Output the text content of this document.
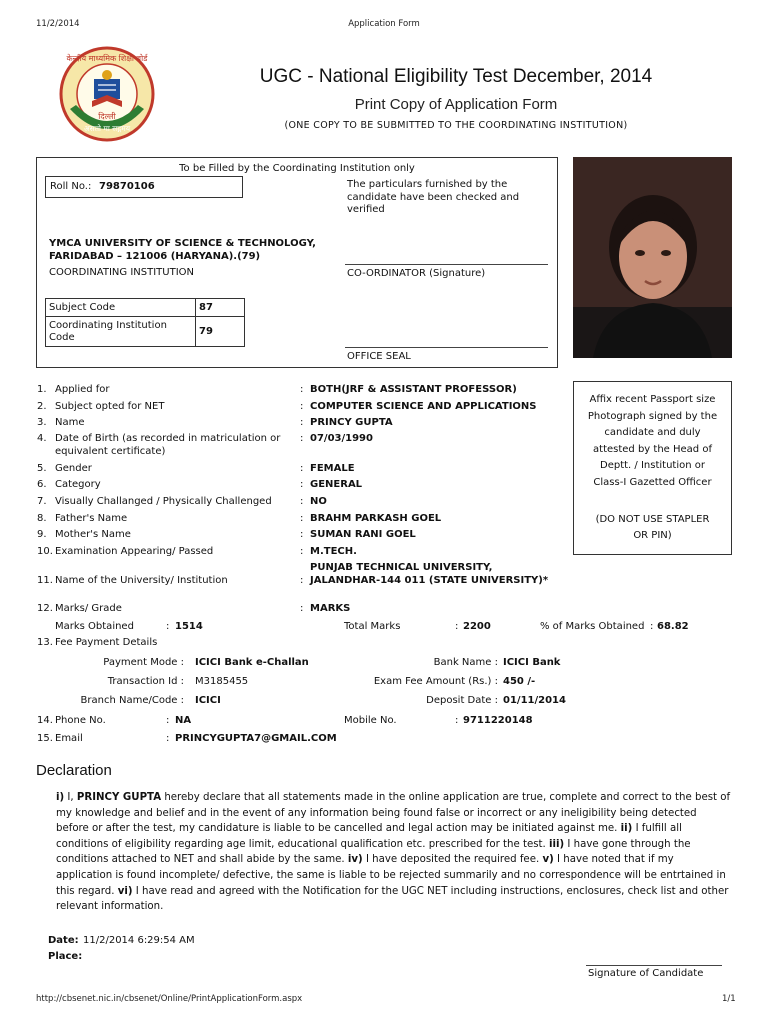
11/2/2014	Application Form
केन्द्रीय माध्यमिक शिक्षा बोर्ड
दिल्ली
असतो मा सद्गमय
UGC - National Eligibility Test December, 2014
Print Copy of Application Form
(ONE COPY TO BE SUBMITTED TO THE COORDINATING INSTITUTION)
To be Filled by the Coordinating Institution only
Roll No.: 79870106	The particulars furnished by the candidate have been checked and verified
YMCA UNIVERSITY OF SCIENCE & TECHNOLOGY,
FARIDABAD – 121006 (HARYANA).(79)
COORDINATING INSTITUTION	CO-ORDINATOR (Signature)
Subject Code	87
Coordinating Institution Code	79
OFFICE SEAL
Affix recent Passport size Photograph signed by the candidate and duly attested by the Head of Deptt. / Institution or Class-I Gazetted Officer
(DO NOT USE STAPLER OR PIN)
1. Applied for	: BOTH(JRF & ASSISTANT PROFESSOR)
2. Subject opted for NET	: COMPUTER SCIENCE AND APPLICATIONS
3. Name	: PRINCY GUPTA
4. Date of Birth (as recorded in matriculation or equivalent certificate)
: 07/03/1990
5. Gender	: FEMALE
6. Category	: GENERAL
7. Visually Challanged / Physically Challenged	: NO
8. Father's Name	: BRAHM PARKASH GOEL
9. Mother's Name	: SUMAN RANI GOEL
10. Examination Appearing/ Passed	: M.TECH.
11. Name of the University/ Institution	:
PUNJAB TECHNICAL UNIVERSITY, JALANDHAR-144 011 (STATE UNIVERSITY)*
12. Marks/ Grade	: MARKS
Marks Obtained	: 1514	Total Marks	: 2200	% of Marks Obtained : 68.82
13. Fee Payment Details
Payment Mode : ICICI Bank e-Challan	Bank Name : ICICI Bank
Transaction Id : M3185455	Exam Fee Amount (Rs.) : 450 /-
Branch Name/Code : ICICI	Deposit Date : 01/11/2014
14. Phone No.	: NA	Mobile No.	: 9711220148
15. Email	: PRINCYGUPTA7@GMAIL.COM
Declaration
i) I, PRINCY GUPTA hereby declare that all statements made in the online application are true, complete and correct to the best of my knowledge and belief and in the event of any information being found false or incorrect or any ineligibility being detected before or after the test, my candidature is liable to be cancelled and legal action may be initiated against me. ii) I fulfill all conditions of eligibility regarding age limit, educational qualification etc. prescribed for the test. iii) I have gone through the conditions attached to NET and shall abide by the same. iv) I have deposited the required fee. v) I have noted that if my application is found incomplete/ defective, the same is liable to be rejected summarily and no correspondence will be entrtained in this regard. vi) I have read and agreed with the Notification for the UGC NET including instructions, enclosures, check list and other relevant information.
Date: 11/2/2014 6:29:54 AM
Place:
Signature of Candidate
http://cbsenet.nic.in/cbsenet/Online/PrintApplicationForm.aspx	1/1
